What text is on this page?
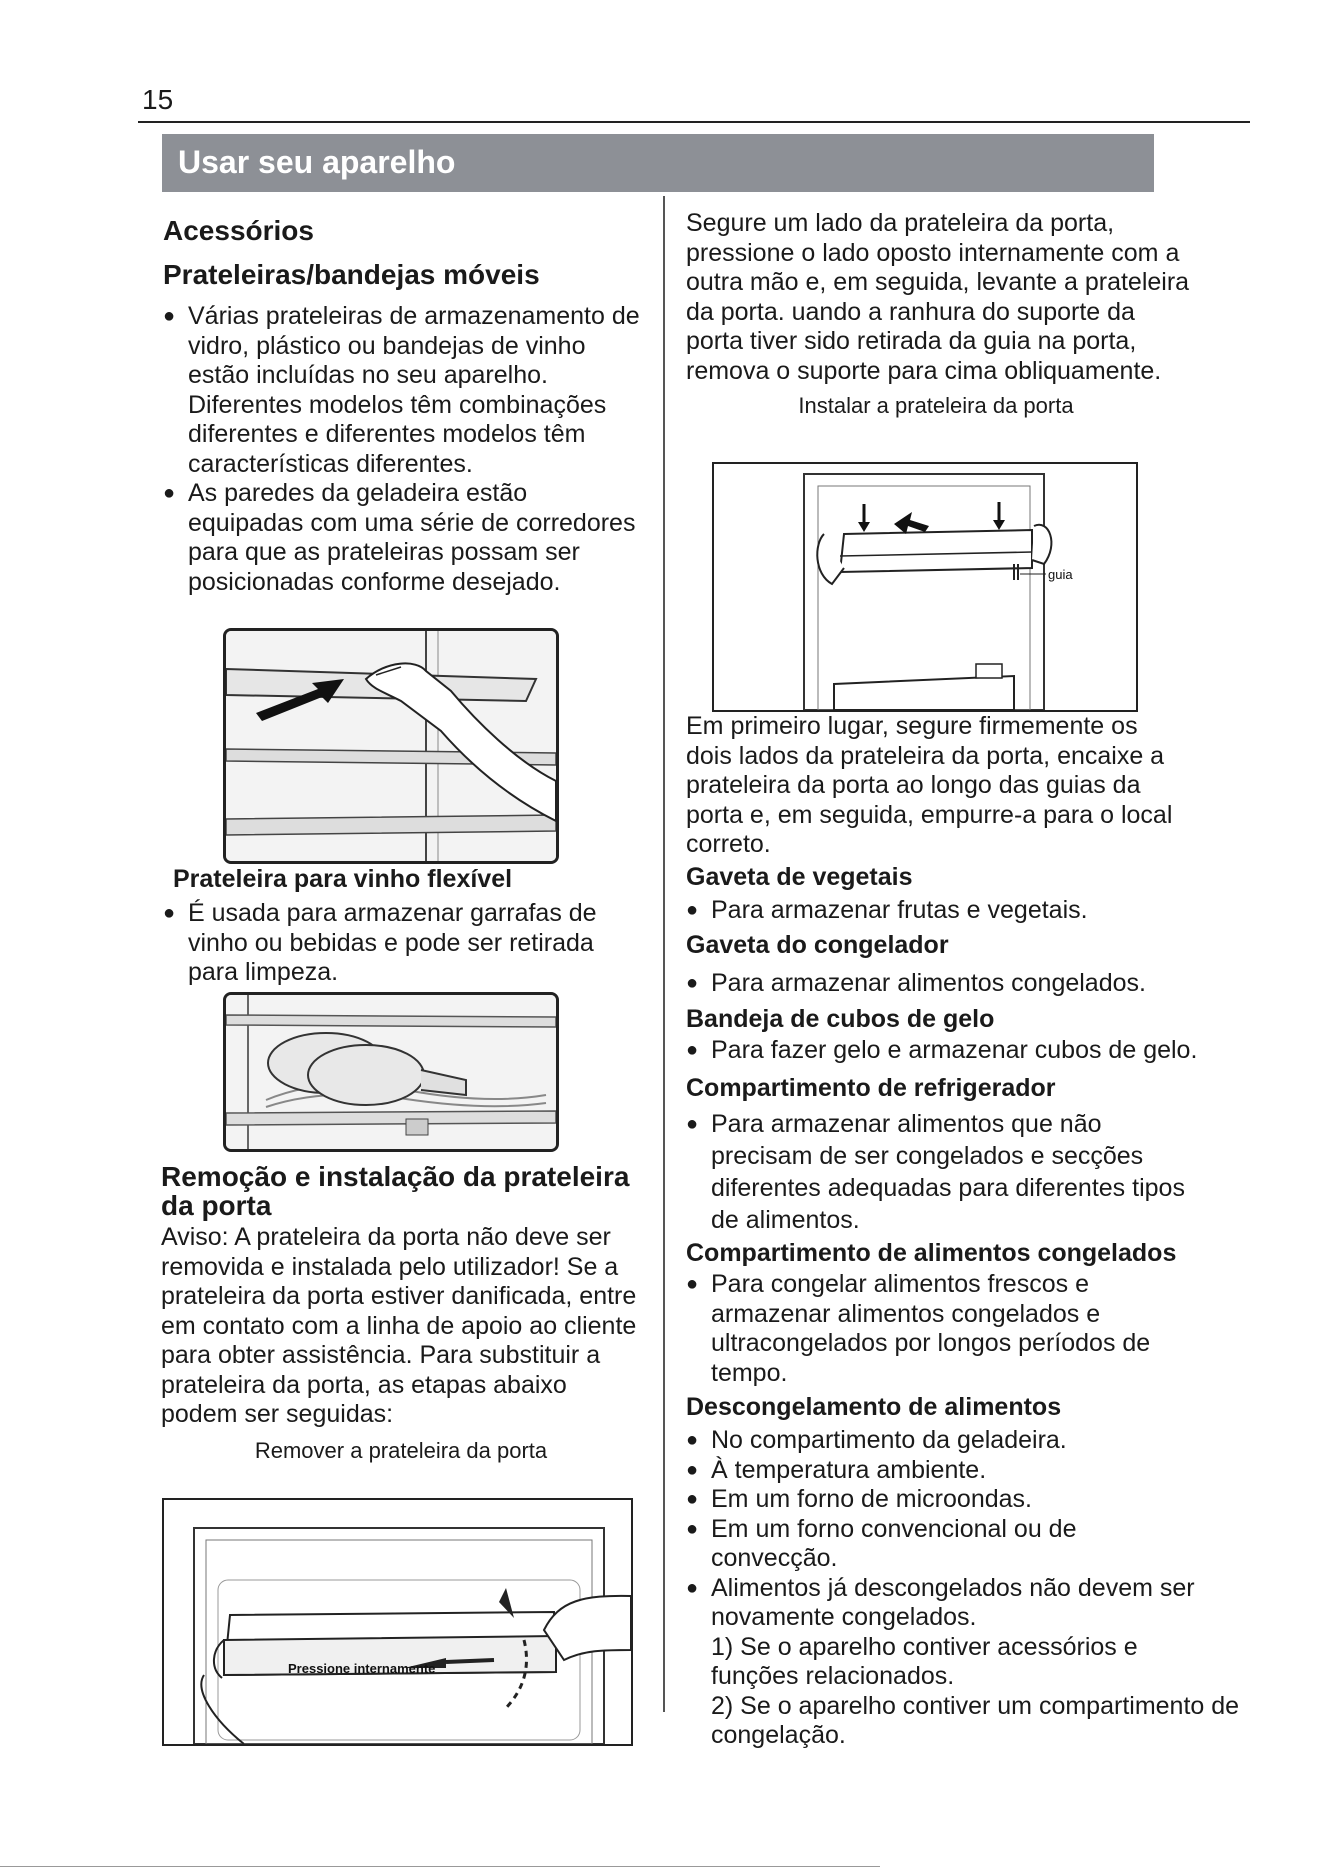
15
Usar seu aparelho

Acessórios

Prateleiras/bandejas móveis

● Várias prateleiras de armazenamento de vidro, plástico ou bandejas de vinho estão incluídas no seu aparelho. Diferentes modelos têm combinações diferentes e diferentes modelos têm características diferentes.

● As paredes da geladeira estão equipadas com uma série de corredores para que as prateleiras possam ser posicionadas conforme desejado.

Prateleira para vinho flexível

● É usada para armazenar garrafas de vinho ou bebidas e pode ser retirada para limpeza.

Remoção e instalação da prateleira da porta

Aviso: A prateleira da porta não deve ser removida e instalada pelo utilizador! Se a prateleira da porta estiver danificada, entre em contato com a linha de apoio ao cliente para obter assistência. Para substituir a prateleira da porta, as etapas abaixo podem ser seguidas:

Remover a prateleira da porta

Pressione internamente

Segure um lado da prateleira da porta, pressione o lado oposto internamente com a outra mão e, em seguida, levante a prateleira da porta. uando a ranhura do suporte da porta tiver sido retirada da guia na porta, remova o suporte para cima obliquamente.

Instalar a prateleira da porta

guia

Em primeiro lugar, segure firmemente os dois lados da prateleira da porta, encaixe a prateleira da porta ao longo das guias da porta e, em seguida, empurre-a para o local correto.

Gaveta de vegetais

● Para armazenar frutas e vegetais.

Gaveta do congelador

● Para armazenar alimentos congelados.

Bandeja de cubos de gelo

● Para fazer gelo e armazenar cubos de gelo.

Compartimento de refrigerador

● Para armazenar alimentos que não precisam de ser congelados e secções diferentes adequadas para diferentes tipos de alimentos.

Compartimento de alimentos congelados

● Para congelar alimentos frescos e armazenar alimentos congelados e ultracongelados por longos períodos de tempo.

Descongelamento de alimentos

● No compartimento da geladeira.

● À temperatura ambiente.

● Em um forno de microondas.

● Em um forno convencional ou de convecção.

● Alimentos já descongelados não devem ser novamente congelados.

1) Se o aparelho contiver acessórios e funções relacionados.

2) Se o aparelho contiver um compartimento de congelação.
